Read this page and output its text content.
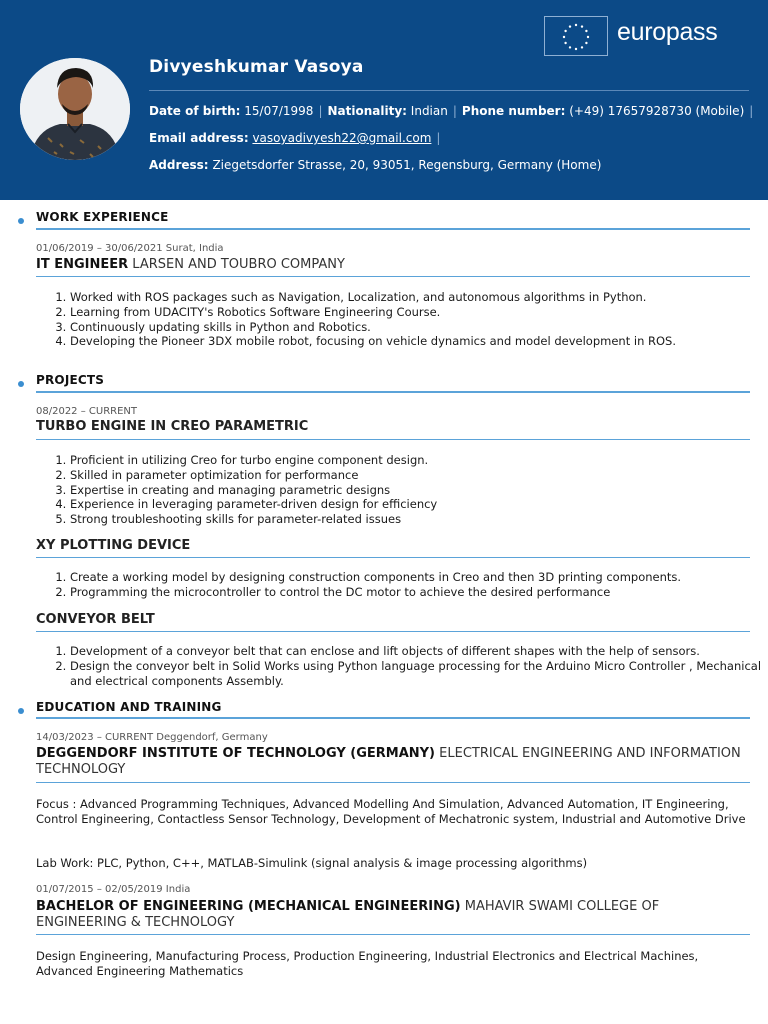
Divyeshkumar Vasoya
Date of birth: 15/07/1998 | Nationality: Indian | Phone number: (+49) 17657928730 (Mobile) |
Email address: vasoyadivyesh22@gmail.com |
Address: Ziegetsdorfer Strasse, 20, 93051, Regensburg, Germany (Home)
europass
WORK EXPERIENCE
01/06/2019 – 30/06/2021 Surat, India
IT ENGINEER LARSEN AND TOUBRO COMPANY
1. Worked with ROS packages such as Navigation, Localization, and autonomous algorithms in Python.
2. Learning from UDACITY's Robotics Software Engineering Course.
3. Continuously updating skills in Python and Robotics.
4. Developing the Pioneer 3DX mobile robot, focusing on vehicle dynamics and model development in ROS.
PROJECTS
08/2022 – CURRENT
TURBO ENGINE IN CREO PARAMETRIC
1. Proficient in utilizing Creo for turbo engine component design.
2. Skilled in parameter optimization for performance
3. Expertise in creating and managing parametric designs
4. Experience in leveraging parameter-driven design for efficiency
5. Strong troubleshooting skills for parameter-related issues
XY PLOTTING DEVICE
1. Create a working model by designing construction components in Creo and then 3D printing components.
2. Programming the microcontroller to control the DC motor to achieve the desired performance
CONVEYOR BELT
1. Development of a conveyor belt that can enclose and lift objects of different shapes with the help of sensors.
2. Design the conveyor belt in Solid Works using Python language processing for the Arduino Micro Controller , Mechanical and electrical components Assembly.
EDUCATION AND TRAINING
14/03/2023 – CURRENT Deggendorf, Germany
DEGGENDORF INSTITUTE OF TECHNOLOGY (GERMANY) ELECTRICAL ENGINEERING AND INFORMATION TECHNOLOGY
Focus : Advanced Programming Techniques, Advanced Modelling And Simulation, Advanced Automation, IT Engineering, Control Engineering, Contactless Sensor Technology, Development of Mechatronic system, Industrial and Automotive Drive
Lab Work: PLC, Python, C++, MATLAB-Simulink (signal analysis & image processing algorithms)
01/07/2015 – 02/05/2019 India
BACHELOR OF ENGINEERING (MECHANICAL ENGINEERING) MAHAVIR SWAMI COLLEGE OF ENGINEERING & TECHNOLOGY
Design Engineering, Manufacturing Process, Production Engineering, Industrial Electronics and Electrical Machines, Advanced Engineering Mathematics
